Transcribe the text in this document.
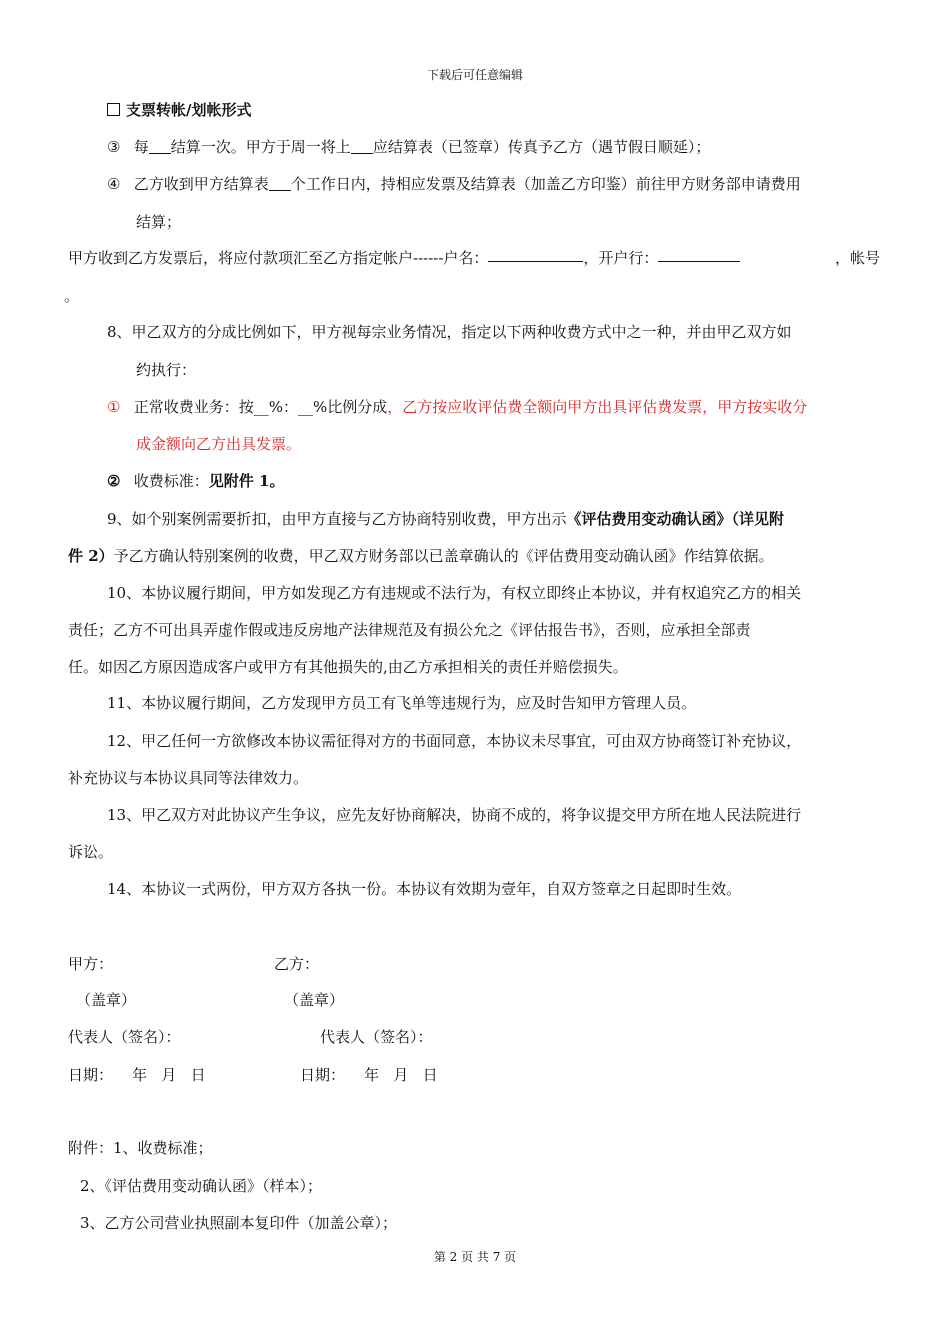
下载后可任意编辑
支票转帐/划帐形式
③ 每 结算一次。甲方于周一将上 应结算表（已签章）传真予乙方（遇节假日顺延）；
④ 乙方收到甲方结算表 个工作日内，持相应发票及结算表（加盖乙方印鉴）前往甲方财务部申请费用
结算；
甲方收到乙方发票后，将应付款项汇至乙方指定帐户------户名：	，开户行：	，帐号
。
8、甲乙双方的分成比例如下，甲方视每宗业务情况，指定以下两种收费方式中之一种，并由甲乙双方如
约执行：
① 正常收费业务：按__%：__%比例分成，乙方按应收评估费全额向甲方出具评估费发票，甲方按实收分
成金额向乙方出具发票。
② 收费标准：见附件 1。
9、如个别案例需要折扣，由甲方直接与乙方协商特别收费，甲方出示《评估费用变动确认函》（详见附
件 2）予乙方确认特别案例的收费，甲乙双方财务部以已盖章确认的《评估费用变动确认函》作结算依据。
10、本协议履行期间，甲方如发现乙方有违规或不法行为，有权立即终止本协议，并有权追究乙方的相关
责任；乙方不可出具弄虚作假或违反房地产法律规范及有损公允之《评估报告书》，否则，应承担全部责
任。如因乙方原因造成客户或甲方有其他损失的,由乙方承担相关的责任并赔偿损失。
11、本协议履行期间，乙方发现甲方员工有飞单等违规行为，应及时告知甲方管理人员。
12、甲乙任何一方欲修改本协议需征得对方的书面同意，本协议未尽事宜，可由双方协商签订补充协议，
补充协议与本协议具同等法律效力。
13、甲乙双方对此协议产生争议，应先友好协商解决，协商不成的，将争议提交甲方所在地人民法院进行
诉讼。
14、本协议一式两份，甲方双方各执一份。本协议有效期为壹年，自双方签章之日起即时生效。
甲方：	乙方：
（盖章）	（盖章）
代表人（签名）：	代表人（签名）：
日期：    年   月   日	日期：    年   月   日
附件：1、收费标准；
2、《评估费用变动确认函》（样本）；
3、乙方公司营业执照副本复印件（加盖公章）；
第 2 页 共 7 页
